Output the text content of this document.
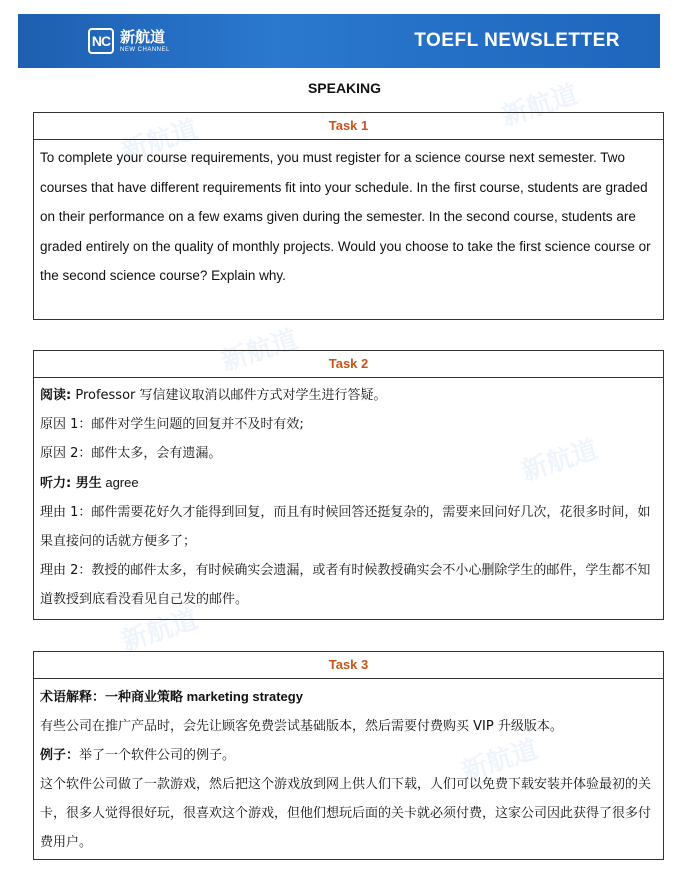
新航道
新航道
新航道
新航道
新航道
新航道
NC 新航道
NEW CHANNEL	TOEFL NEWSLETTER
SPEAKING
Task 1

To complete your course requirements, you must register for a science course next semester. Two courses that have different requirements fit into your schedule. In the first course, students are graded on their performance on a few exams given during the semester. In the second course, students are graded entirely on the quality of monthly projects. Would you choose to take the first science course or the second science course? Explain why.

Task 2

阅读: Professor 写信建议取消以邮件方式对学生进行答疑。

原因 1：邮件对学生问题的回复并不及时有效;

原因 2：邮件太多，会有遗漏。

听力: 男生 agree

理由 1：邮件需要花好久才能得到回复，而且有时候回答还挺复杂的，需要来回问好几次，花很多时间，如果直接问的话就方便多了；

理由 2：教授的邮件太多，有时候确实会遗漏，或者有时候教授确实会不小心删除学生的邮件，学生都不知道教授到底看没看见自己发的邮件。

Task 3

术语解释：一种商业策略 marketing strategy

有些公司在推广产品时，会先让顾客免费尝试基础版本，然后需要付费购买 VIP 升级版本。

例子：举了一个软件公司的例子。

这个软件公司做了一款游戏，然后把这个游戏放到网上供人们下载，人们可以免费下载安装并体验最初的关卡，很多人觉得很好玩，很喜欢这个游戏，但他们想玩后面的关卡就必须付费，这家公司因此获得了很多付费用户。
